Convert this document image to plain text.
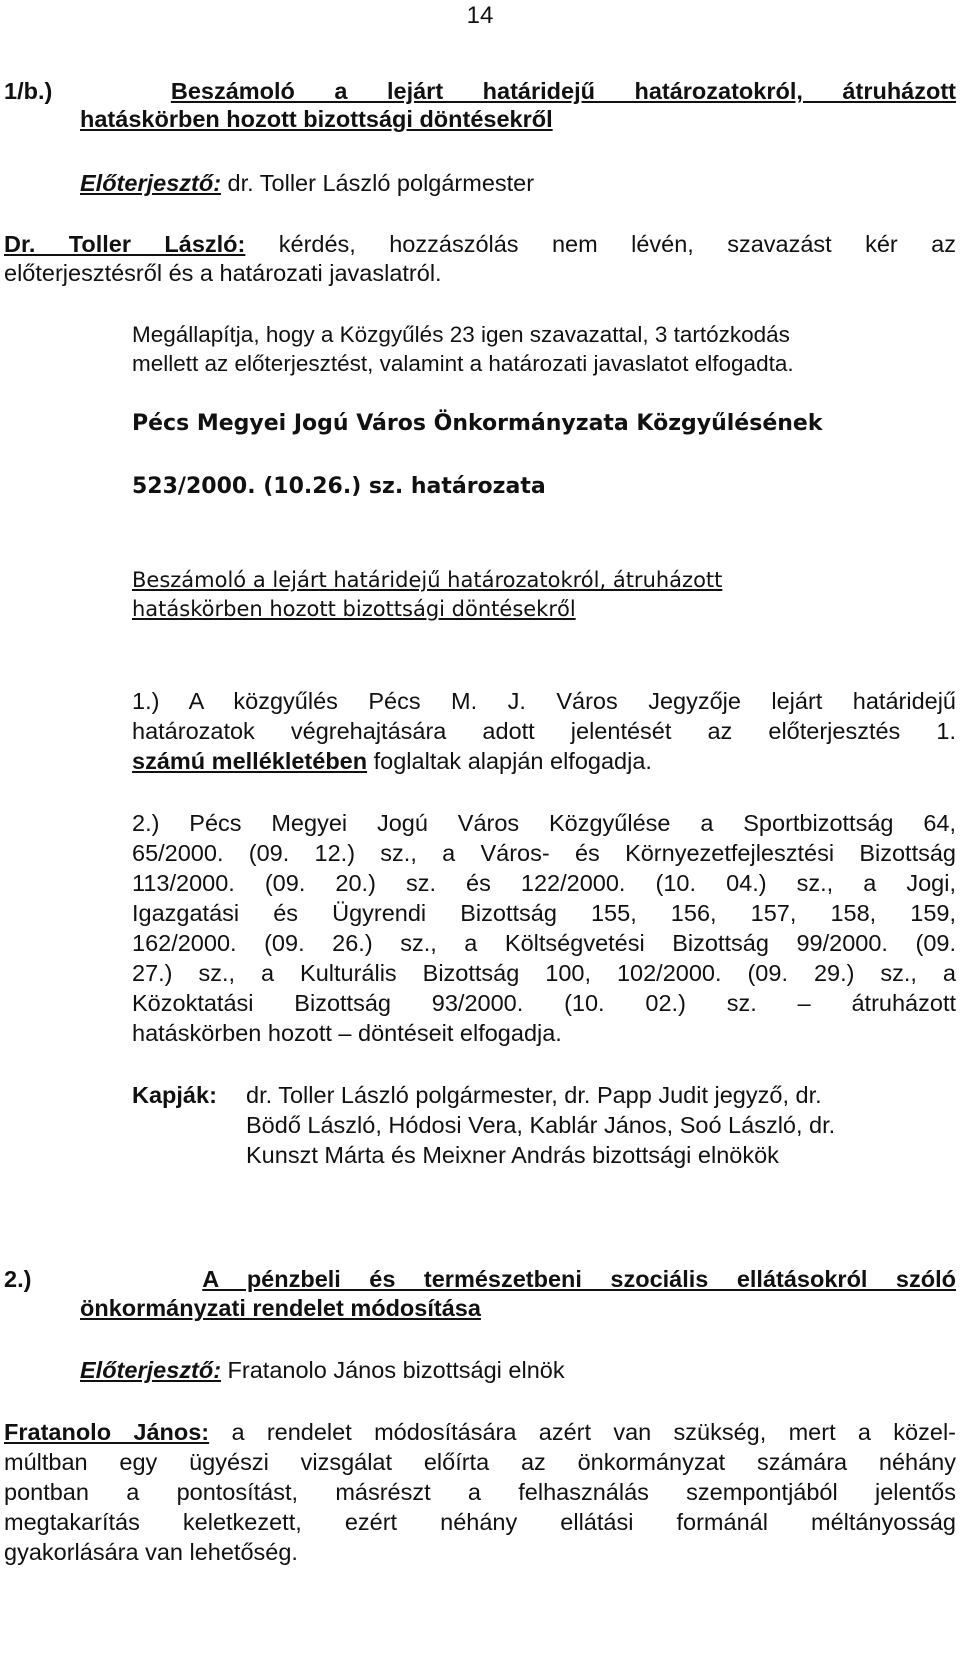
14
1/b.)	Beszámoló a lejárt határidejű határozatokról, átruházott
hatáskörben hozott bizottsági döntésekről
Előterjesztő: dr. Toller László polgármester
Dr. Toller László: kérdés, hozzászólás nem lévén, szavazást kér az
előterjesztésről és a határozati javaslatról.
Megállapítja, hogy a Közgyűlés 23 igen szavazattal, 3 tartózkodás
mellett az előterjesztést, valamint a határozati javaslatot elfogadta.
Pécs Megyei Jogú Város Önkormányzata Közgyűlésének
523/2000. (10.26.) sz. határozata
Beszámoló a lejárt határidejű határozatokról, átruházott
hatáskörben hozott bizottsági döntésekről
1.) A közgyűlés Pécs M. J. Város Jegyzője lejárt határidejű
határozatok végrehajtására adott jelentését az előterjesztés 1.
számú mellékletében foglaltak alapján elfogadja.
2.) Pécs Megyei Jogú Város Közgyűlése a Sportbizottság 64,
65/2000. (09. 12.) sz., a Város- és Környezetfejlesztési Bizottság
113/2000. (09. 20.) sz. és 122/2000. (10. 04.) sz., a Jogi,
Igazgatási és Ügyrendi Bizottság 155, 156, 157, 158, 159,
162/2000. (09. 26.) sz., a Költségvetési Bizottság 99/2000. (09.
27.) sz., a Kulturális Bizottság 100, 102/2000. (09. 29.) sz., a
Közoktatási Bizottság 93/2000. (10. 02.) sz. – átruházott
hatáskörben hozott – döntéseit elfogadja.
Kapják: dr. Toller László polgármester, dr. Papp Judit jegyző, dr.
Bödő László, Hódosi Vera, Kablár János, Soó László, dr.
Kunszt Márta és Meixner András bizottsági elnökök
2.)	A pénzbeli és természetbeni szociális ellátásokról szóló
önkormányzati rendelet módosítása
Előterjesztő: Fratanolo János bizottsági elnök
Fratanolo János: a rendelet módosítására azért van szükség, mert a közel-
múltban egy ügyészi vizsgálat előírta az önkormányzat számára néhány
pontban a pontosítást, másrészt a felhasználás szempontjából jelentős
megtakarítás keletkezett, ezért néhány ellátási formánál méltányosság
gyakorlására van lehetőség.
